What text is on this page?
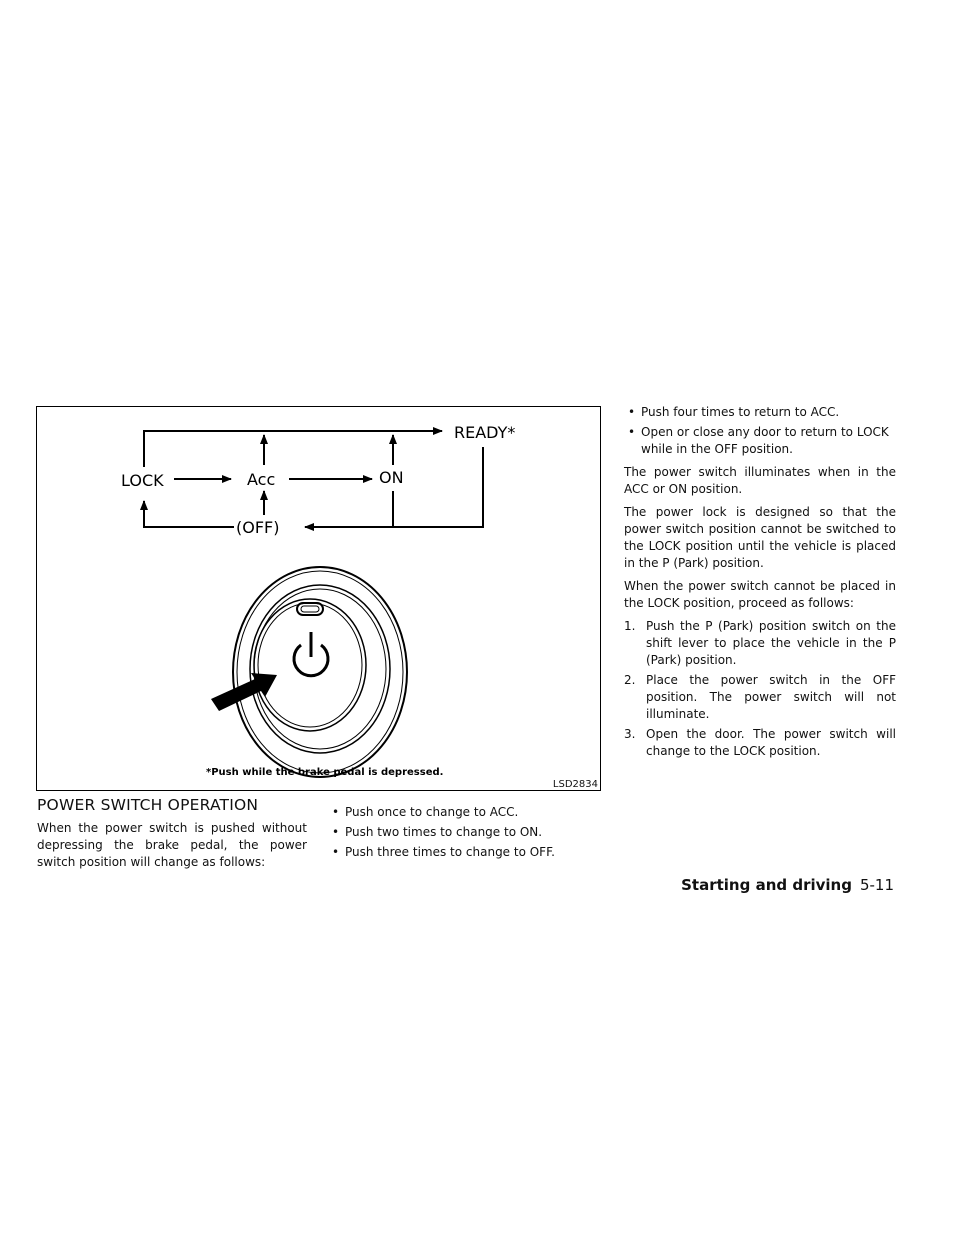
LOCK	Acc	ON
READY*
(OFF)
*Push while the brake pedal is depressed.
LSD2834
POWER SWITCH OPERATION

When the power switch is pushed without depressing the brake pedal, the power switch position will change as follows:

• Push once to change to ACC.
• Push two times to change to ON.
• Push three times to change to OFF.
• Push four times to return to ACC.
• Open or close any door to return to LOCK while in the OFF position.

The power switch illuminates when in the ACC or ON position.

The power lock is designed so that the power switch position cannot be switched to the LOCK position until the vehicle is placed in the P (Park) position.

When the power switch cannot be placed in the LOCK position, proceed as follows:

1. Push the P (Park) position switch on the shift lever to place the vehicle in the P (Park) position.
2. Place the power switch in the OFF position. The power switch will not illuminate.
3. Open the door. The power switch will change to the LOCK position.
Starting and driving 5-11
